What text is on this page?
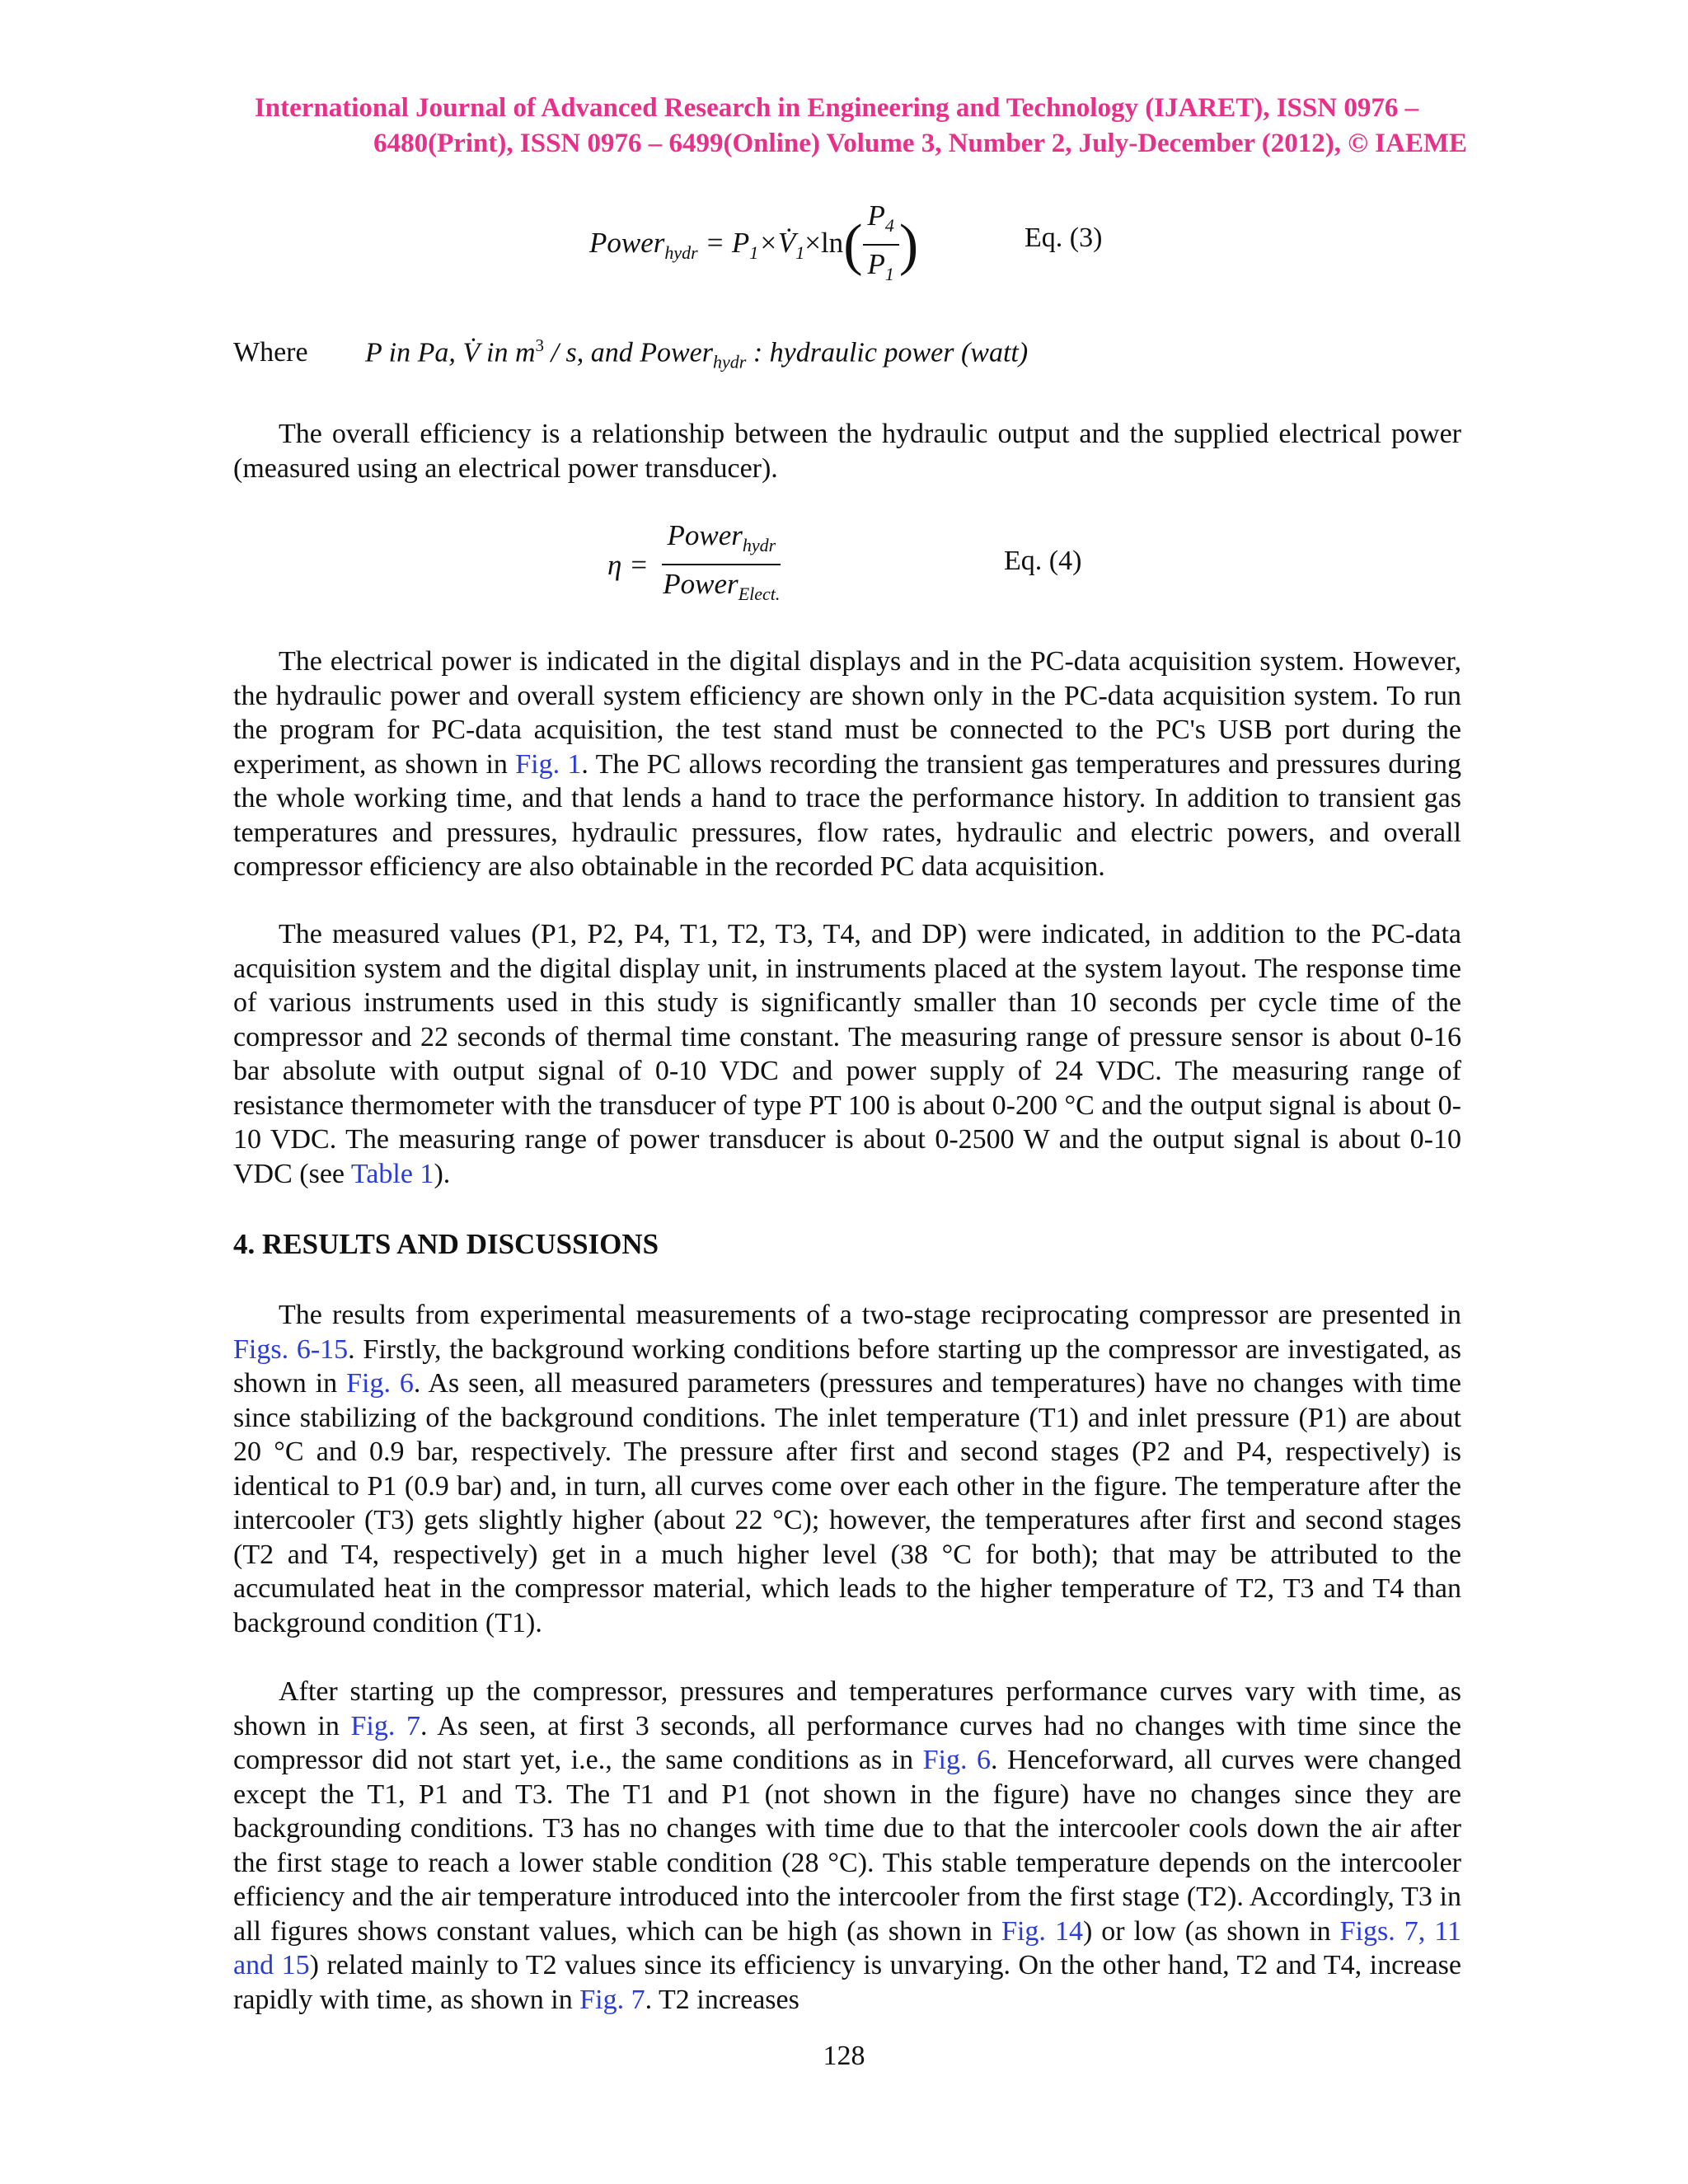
International Journal of Advanced Research in Engineering and Technology (IJARET), ISSN 0976 –
6480(Print), ISSN 0976 – 6499(Online) Volume 3, Number 2, July-December (2012), © IAEME
Power$_{hydr}$ = $P_1\times V̇_1\times\ln( \frac{P_4}{P_1}$ )	Eq. (3)
Where P in Pa, V̇ in $m^3$ / s, and Power$_{hydr}$ : hydraulic power (watt)

The overall efficiency is a relationship between the hydraulic output and the supplied electrical power (measured using an electrical power transducer).

$\eta = \frac{Power_{hydr}}{Power_{Elect.}}$	Eq. (4)

The electrical power is indicated in the digital displays and in the PC-data acquisition system. However, the hydraulic power and overall system efficiency are shown only in the PC-data acquisition system. To run the program for PC-data acquisition, the test stand must be connected to the PC's USB port during the experiment, as shown in Fig. 1. The PC allows recording the transient gas temperatures and pressures during the whole working time, and that lends a hand to trace the performance history. In addition to transient gas temperatures and pressures, hydraulic pressures, flow rates, hydraulic and electric powers, and overall compressor efficiency are also obtainable in the recorded PC data acquisition.

The measured values (P1, P2, P4, T1, T2, T3, T4, and DP) were indicated, in addition to the PC-data acquisition system and the digital display unit, in instruments placed at the system layout. The response time of various instruments used in this study is significantly smaller than 10 seconds per cycle time of the compressor and 22 seconds of thermal time constant. The measuring range of pressure sensor is about 0-16 bar absolute with output signal of 0-10 VDC and power supply of 24 VDC. The measuring range of resistance thermometer with the transducer of type PT 100 is about 0-200 °C and the output signal is about 0-10 VDC. The measuring range of power transducer is about 0-2500 W and the output signal is about 0-10 VDC (see Table 1).

4. RESULTS AND DISCUSSIONS

The results from experimental measurements of a two-stage reciprocating compressor are presented in Figs. 6-15. Firstly, the background working conditions before starting up the compressor are investigated, as shown in Fig. 6. As seen, all measured parameters (pressures and temperatures) have no changes with time since stabilizing of the background conditions. The inlet temperature (T1) and inlet pressure (P1) are about 20 °C and 0.9 bar, respectively. The pressure after first and second stages (P2 and P4, respectively) is identical to P1 (0.9 bar) and, in turn, all curves come over each other in the figure. The temperature after the intercooler (T3) gets slightly higher (about 22 °C); however, the temperatures after first and second stages (T2 and T4, respectively) get in a much higher level (38 °C for both); that may be attributed to the accumulated heat in the compressor material, which leads to the higher temperature of T2, T3 and T4 than background condition (T1).

After starting up the compressor, pressures and temperatures performance curves vary with time, as shown in Fig. 7. As seen, at first 3 seconds, all performance curves had no changes with time since the compressor did not start yet, i.e., the same conditions as in Fig. 6. Henceforward, all curves were changed except the T1, P1 and T3. The T1 and P1 (not shown in the figure) have no changes since they are backgrounding conditions. T3 has no changes with time due to that the intercooler cools down the air after the first stage to reach a lower stable condition (28 °C). This stable temperature depends on the intercooler efficiency and the air temperature introduced into the intercooler from the first stage (T2). Accordingly, T3 in all figures shows constant values, which can be high (as shown in Fig. 14) or low (as shown in Figs. 7, 11 and 15) related mainly to T2 values since its efficiency is unvarying. On the other hand, T2 and T4, increase rapidly with time, as shown in Fig. 7. T2 increases

128
